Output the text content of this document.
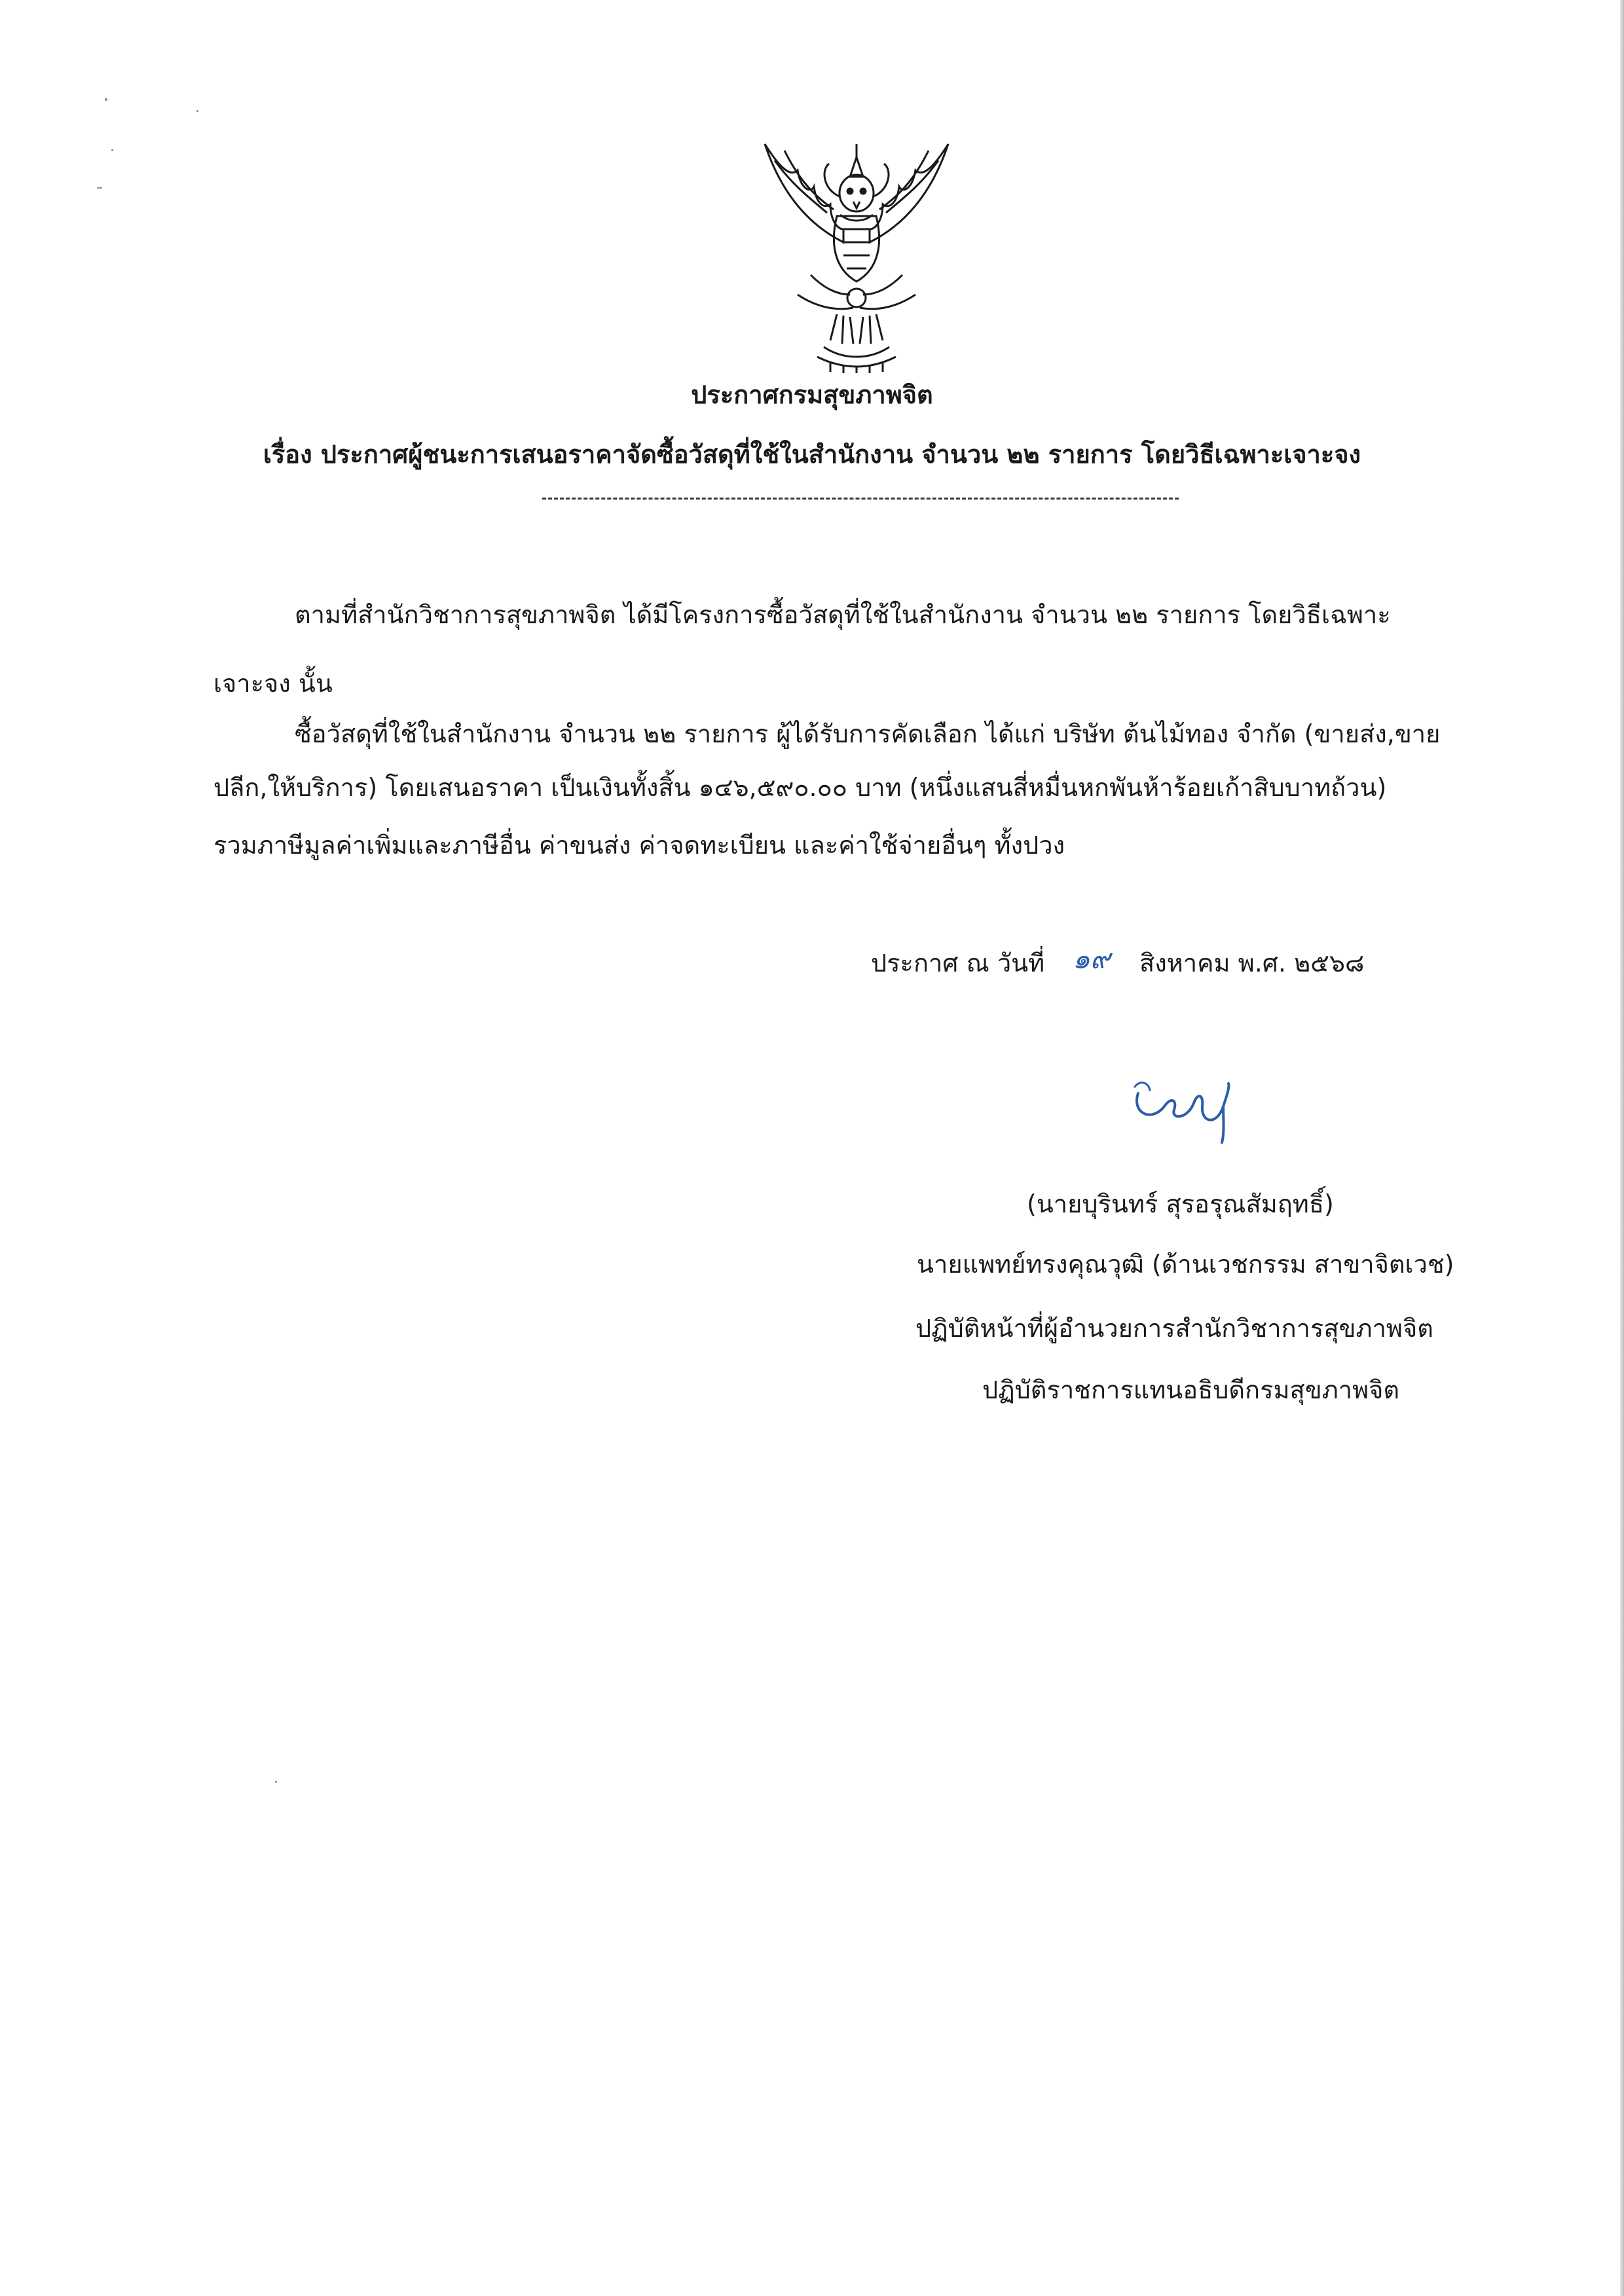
ประกาศกรมสุขภาพจิต
เรื่อง ประกาศผู้ชนะการเสนอราคาจัดซื้อวัสดุที่ใช้ในสำนักงาน จำนวน ๒๒ รายการ โดยวิธีเฉพาะเจาะจง
ตามที่สำนักวิชาการสุขภาพจิต ได้มีโครงการซื้อวัสดุที่ใช้ในสำนักงาน จำนวน ๒๒ รายการ โดยวิธีเฉพาะ
เจาะจง นั้น
ซื้อวัสดุที่ใช้ในสำนักงาน จำนวน ๒๒ รายการ ผู้ได้รับการคัดเลือก ได้แก่ บริษัท ต้นไม้ทอง จำกัด (ขายส่ง,ขาย
ปลีก,ให้บริการ) โดยเสนอราคา เป็นเงินทั้งสิ้น ๑๔๖,๕๙๐.๐๐ บาท (หนึ่งแสนสี่หมื่นหกพันห้าร้อยเก้าสิบบาทถ้วน)
รวมภาษีมูลค่าเพิ่มและภาษีอื่น ค่าขนส่ง ค่าจดทะเบียน และค่าใช้จ่ายอื่นๆ ทั้งปวง
ประกาศ ณ วันที่ ๑๙ สิงหาคม พ.ศ. ๒๕๖๘
(นายบุรินทร์ สุรอรุณสัมฤทธิ์)
นายแพทย์ทรงคุณวุฒิ (ด้านเวชกรรม สาขาจิตเวช)
ปฏิบัติหน้าที่ผู้อำนวยการสำนักวิชาการสุขภาพจิต
ปฏิบัติราชการแทนอธิบดีกรมสุขภาพจิต
